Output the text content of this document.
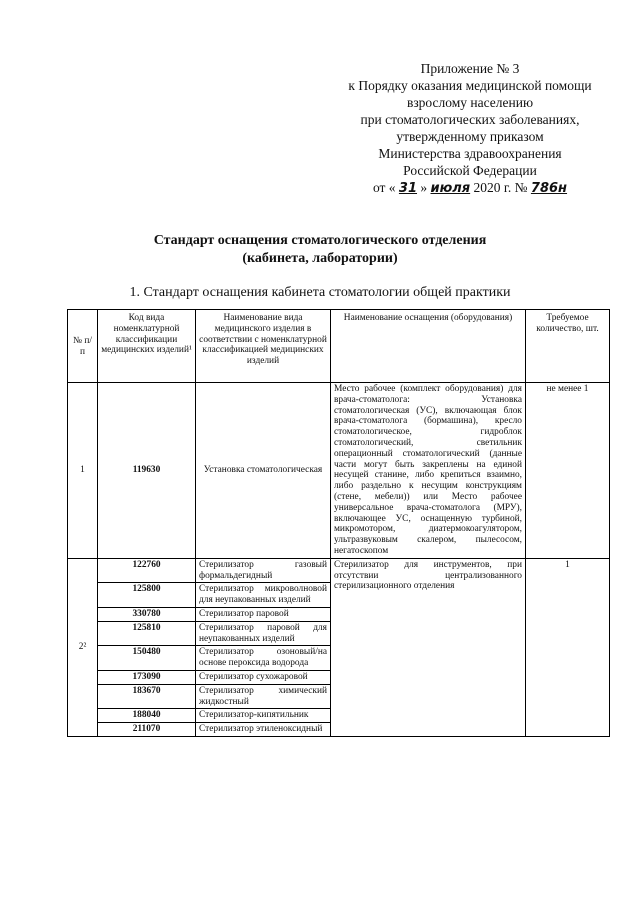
Приложение № 3
к Порядку оказания медицинской помощи
взрослому населению
при стоматологических заболеваниях,
утвержденному приказом
Министерства здравоохранения
Российской Федерации
от « 31 » июля 2020 г. № 786н
Стандарт оснащения стоматологического отделения
(кабинета, лаборатории)
1. Стандарт оснащения кабинета стоматологии общей практики
№ п/п	Код вида номенклатурной классификации медицинских изделий¹	Наименование вида медицинского изделия в соответствии с номенклатурной классификацией медицинских изделий	Наименование оснащения (оборудования)	Требуемое количество, шт.
1	119630	Установка стоматологическая	Место рабочее (комплект оборудования) для врача-стоматолога: Установка стоматологическая (УС), включающая блок врача-стоматолога (бормашина), кресло стоматологическое, гидроблок стоматологический, светильник операционный стоматологический (данные части могут быть закреплены на единой несущей станине, либо крепиться взаимно, либо раздельно к несущим конструкциям (стене, мебели)) или Место рабочее универсальное врача-стоматолога (МРУ), включающее УС, оснащенную турбиной, микромотором, диатермокоагулятором, ультразвуковым скалером, пылесосом, негатоскопом	не менее 1
2²	122760	Стерилизатор газовый формальдегидный	Стерилизатор для инструментов, при отсутствии централизованного стерилизационного отделения	1
	125800	Стерилизатор микроволновой для неупакованных изделий		
	330780	Стерилизатор паровой		
	125810	Стерилизатор паровой для неупакованных изделий		
	150480	Стерилизатор озоновый/на основе пероксида водорода		
	173090	Стерилизатор сухожаровой		
	183670	Стерилизатор химический жидкостный		
	188040	Стерилизатор-кипятильник		
	211070	Стерилизатор этиленоксидный		
